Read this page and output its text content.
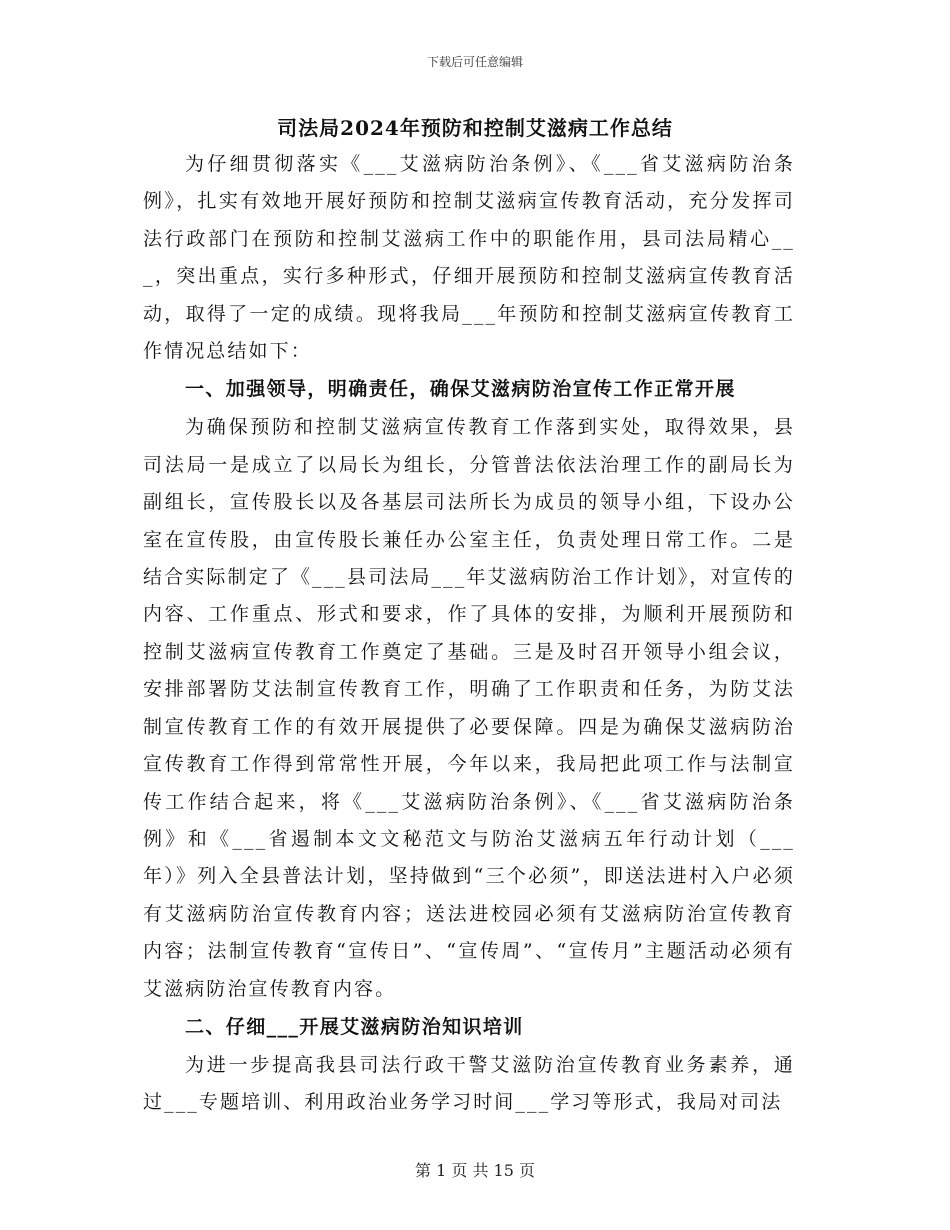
下载后可任意编辑
司法局2024年预防和控制艾滋病工作总结

为仔细贯彻落实《___艾滋病防治条例》、《___省艾滋病防治条例》，扎实有效地开展好预防和控制艾滋病宣传教育活动，充分发挥司法行政部门在预防和控制艾滋病工作中的职能作用，县司法局精心___，突出重点，实行多种形式，仔细开展预防和控制艾滋病宣传教育活动，取得了一定的成绩。现将我局___年预防和控制艾滋病宣传教育工作情况总结如下：

一、加强领导，明确责任，确保艾滋病防治宣传工作正常开展

为确保预防和控制艾滋病宣传教育工作落到实处，取得效果，县司法局一是成立了以局长为组长，分管普法依法治理工作的副局长为副组长，宣传股长以及各基层司法所长为成员的领导小组，下设办公室在宣传股，由宣传股长兼任办公室主任，负责处理日常工作。二是结合实际制定了《___县司法局___年艾滋病防治工作计划》，对宣传的内容、工作重点、形式和要求，作了具体的安排，为顺利开展预防和控制艾滋病宣传教育工作奠定了基础。三是及时召开领导小组会议，安排部署防艾法制宣传教育工作，明确了工作职责和任务，为防艾法制宣传教育工作的有效开展提供了必要保障。四是为确保艾滋病防治宣传教育工作得到常常性开展，今年以来，我局把此项工作与法制宣传工作结合起来，将《___艾滋病防治条例》、《___省艾滋病防治条例》和《___省遏制本文文秘范文与防治艾滋病五年行动计划（___年）》列入全县普法计划，坚持做到“三个必须”，即送法进村入户必须有艾滋病防治宣传教育内容；送法进校园必须有艾滋病防治宣传教育内容；法制宣传教育“宣传日”、“宣传周”、“宣传月”主题活动必须有艾滋病防治宣传教育内容。

二、仔细___开展艾滋病防治知识培训

为进一步提高我县司法行政干警艾滋防治宣传教育业务素养，通过___专题培训、利用政治业务学习时间___学习等形式，我局对司法

第 1 页 共 15 页
